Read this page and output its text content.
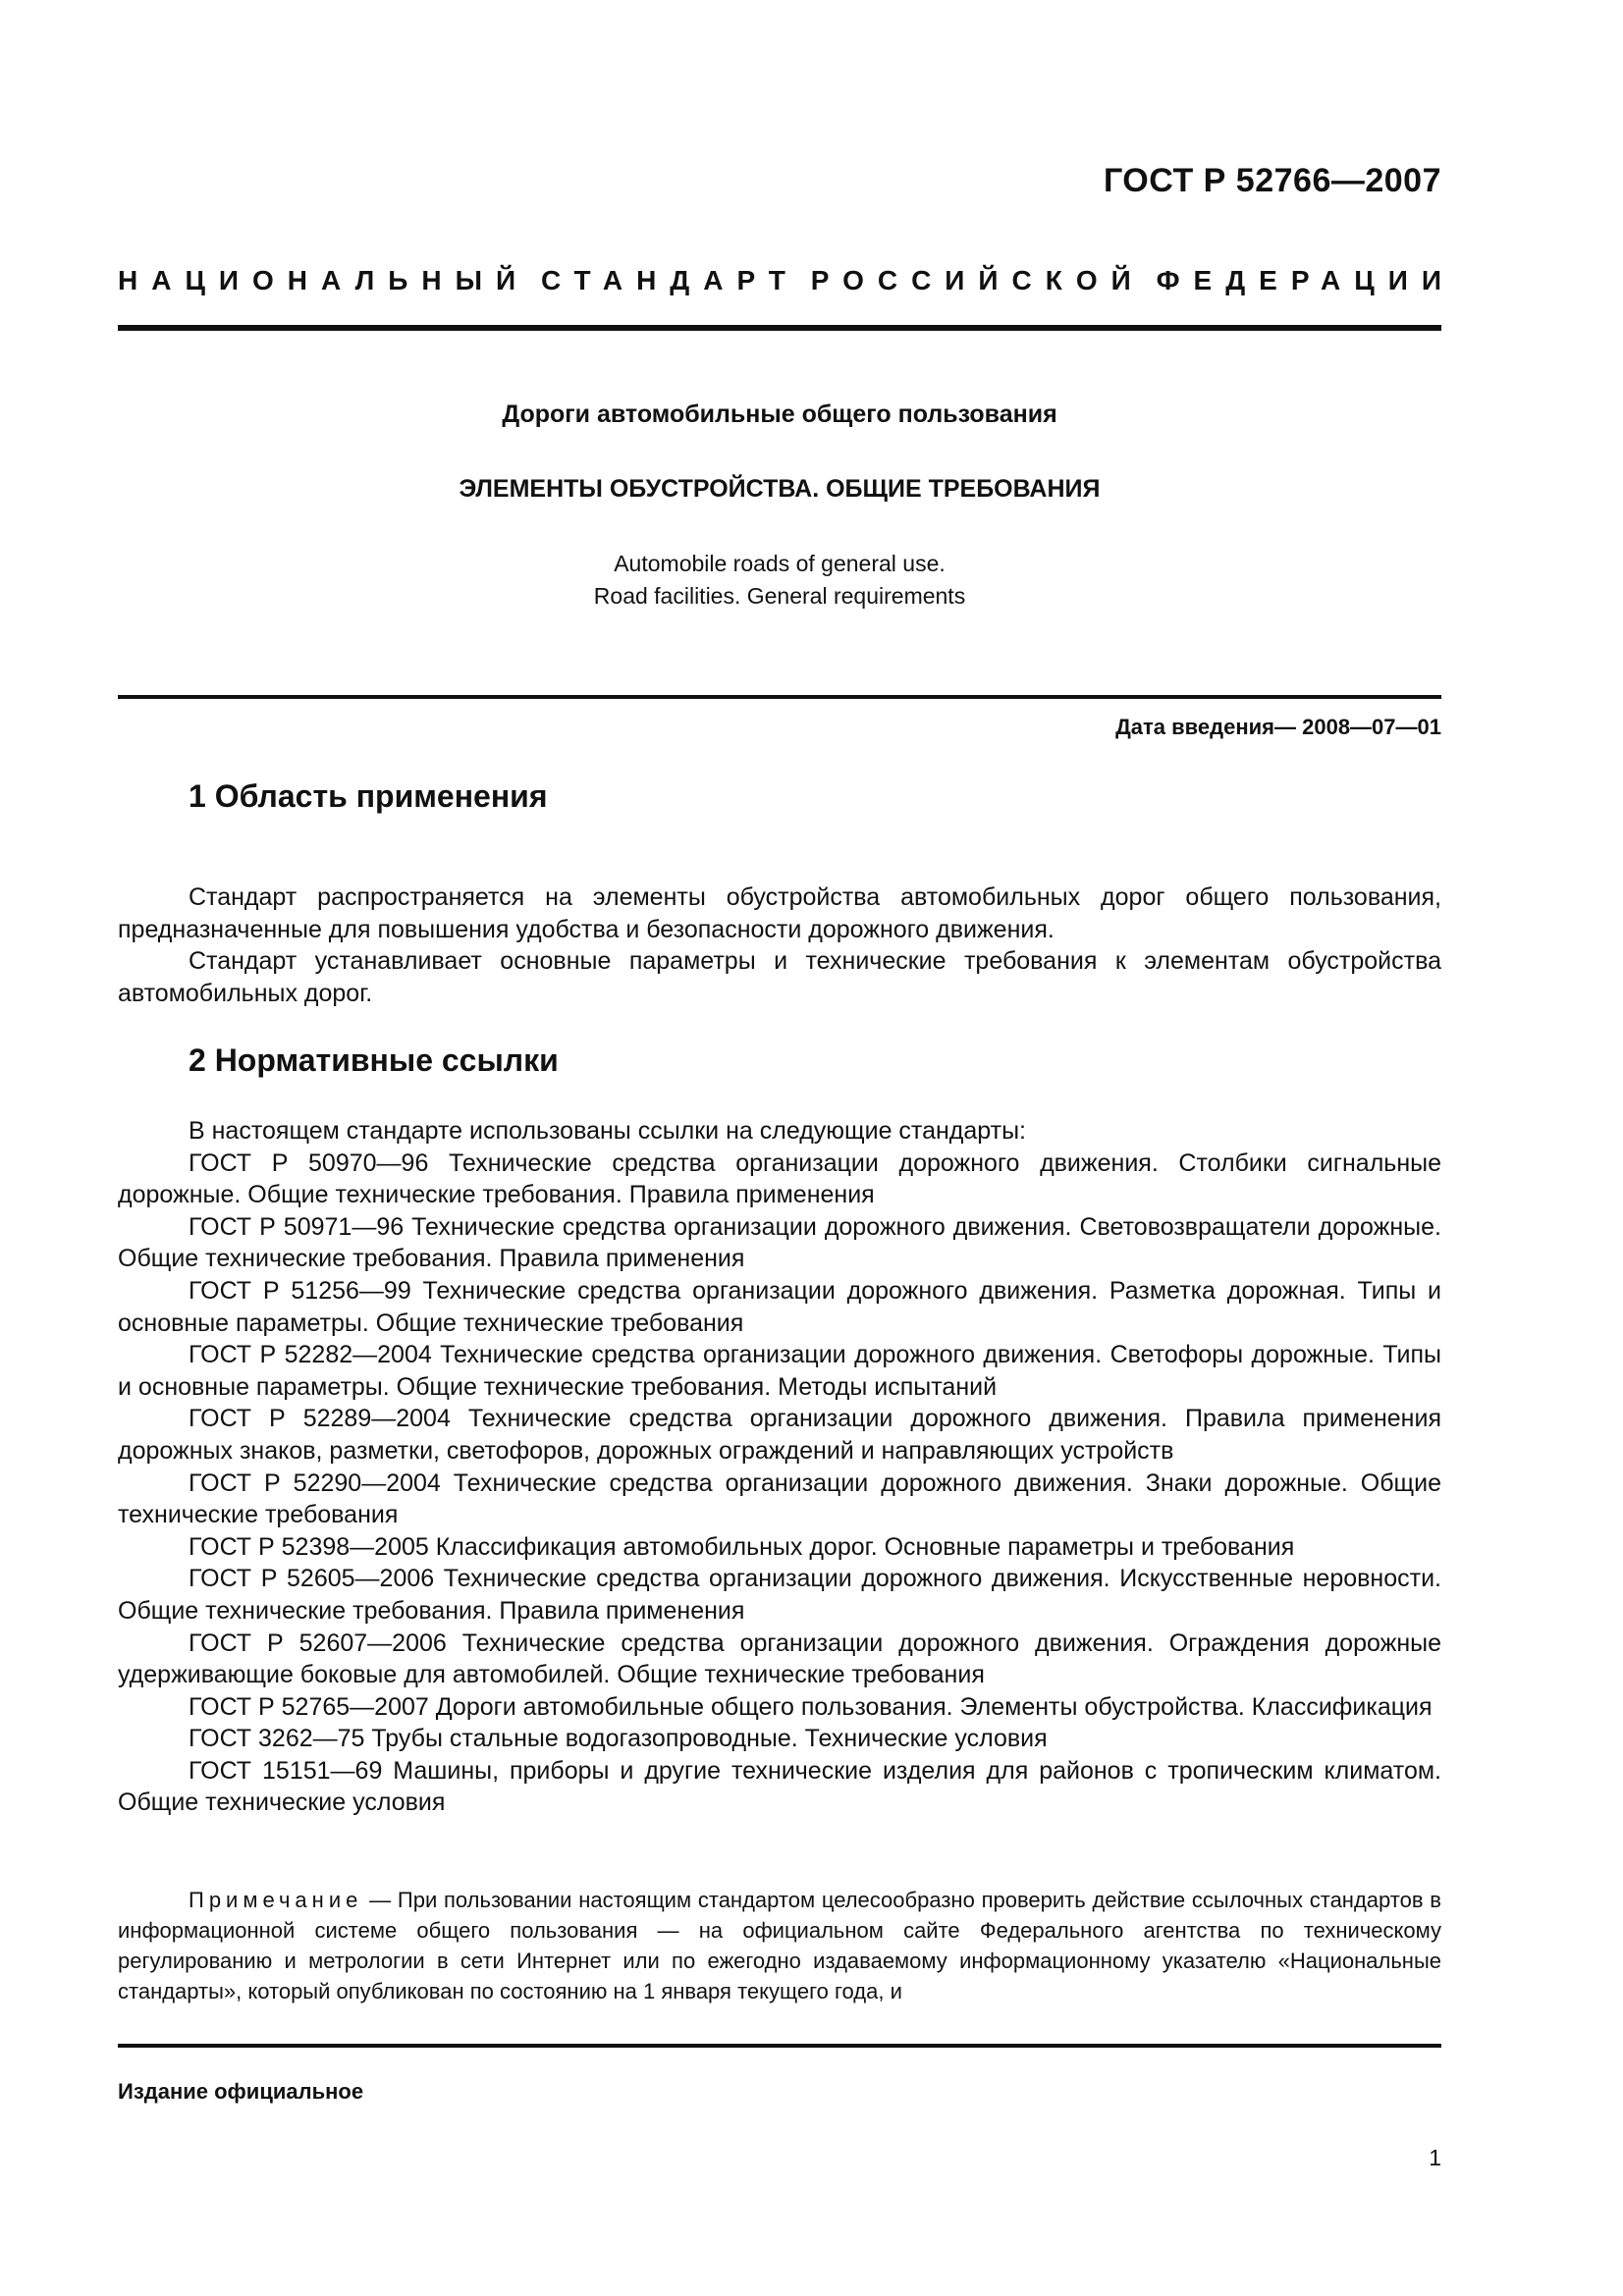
ГОСТ Р 52766—2007
НАЦИОНАЛЬНЫЙ СТАНДАРТ РОССИЙСКОЙ ФЕДЕРАЦИИ
Дороги автомобильные общего пользования
ЭЛЕМЕНТЫ ОБУСТРОЙСТВА. ОБЩИЕ ТРЕБОВАНИЯ
Automobile roads of general use.
Road facilities. General requirements
Дата введения— 2008—07—01
1 Область применения

Стандарт распространяется на элементы обустройства автомобильных дорог общего пользования, предназначенные для повышения удобства и безопасности дорожного движения.

Стандарт устанавливает основные параметры и технические требования к элементам обустройства автомобильных дорог.

2 Нормативные ссылки

В настоящем стандарте использованы ссылки на следующие стандарты:

ГОСТ Р 50970—96 Технические средства организации дорожного движения. Столбики сигнальные дорожные. Общие технические требования. Правила применения

ГОСТ Р 50971—96 Технические средства организации дорожного движения. Световозвращатели дорожные. Общие технические требования. Правила применения

ГОСТ Р 51256—99 Технические средства организации дорожного движения. Разметка дорожная. Типы и основные параметры. Общие технические требования

ГОСТ Р 52282—2004 Технические средства организации дорожного движения. Светофоры дорожные. Типы и основные параметры. Общие технические требования. Методы испытаний

ГОСТ Р 52289—2004 Технические средства организации дорожного движения. Правила применения дорожных знаков, разметки, светофоров, дорожных ограждений и направляющих устройств

ГОСТ Р 52290—2004 Технические средства организации дорожного движения. Знаки дорожные. Общие технические требования

ГОСТ Р 52398—2005 Классификация автомобильных дорог. Основные параметры и требования

ГОСТ Р 52605—2006 Технические средства организации дорожного движения. Искусственные неровности. Общие технические требования. Правила применения

ГОСТ Р 52607—2006 Технические средства организации дорожного движения. Ограждения дорожные удерживающие боковые для автомобилей. Общие технические требования

ГОСТ Р 52765—2007 Дороги автомобильные общего пользования. Элементы обустройства. Классификация

ГОСТ 3262—75 Трубы стальные водогазопроводные. Технические условия

ГОСТ 15151—69 Машины, приборы и другие технические изделия для районов с тропическим климатом. Общие технические условия

Примечание — При пользовании настоящим стандартом целесообразно проверить действие ссылочных стандартов в информационной системе общего пользования — на официальном сайте Федерального агентства по техническому регулированию и метрологии в сети Интернет или по ежегодно издаваемому информационному указателю «Национальные стандарты», который опубликован по состоянию на 1 января текущего года, и

Издание официальное
1
